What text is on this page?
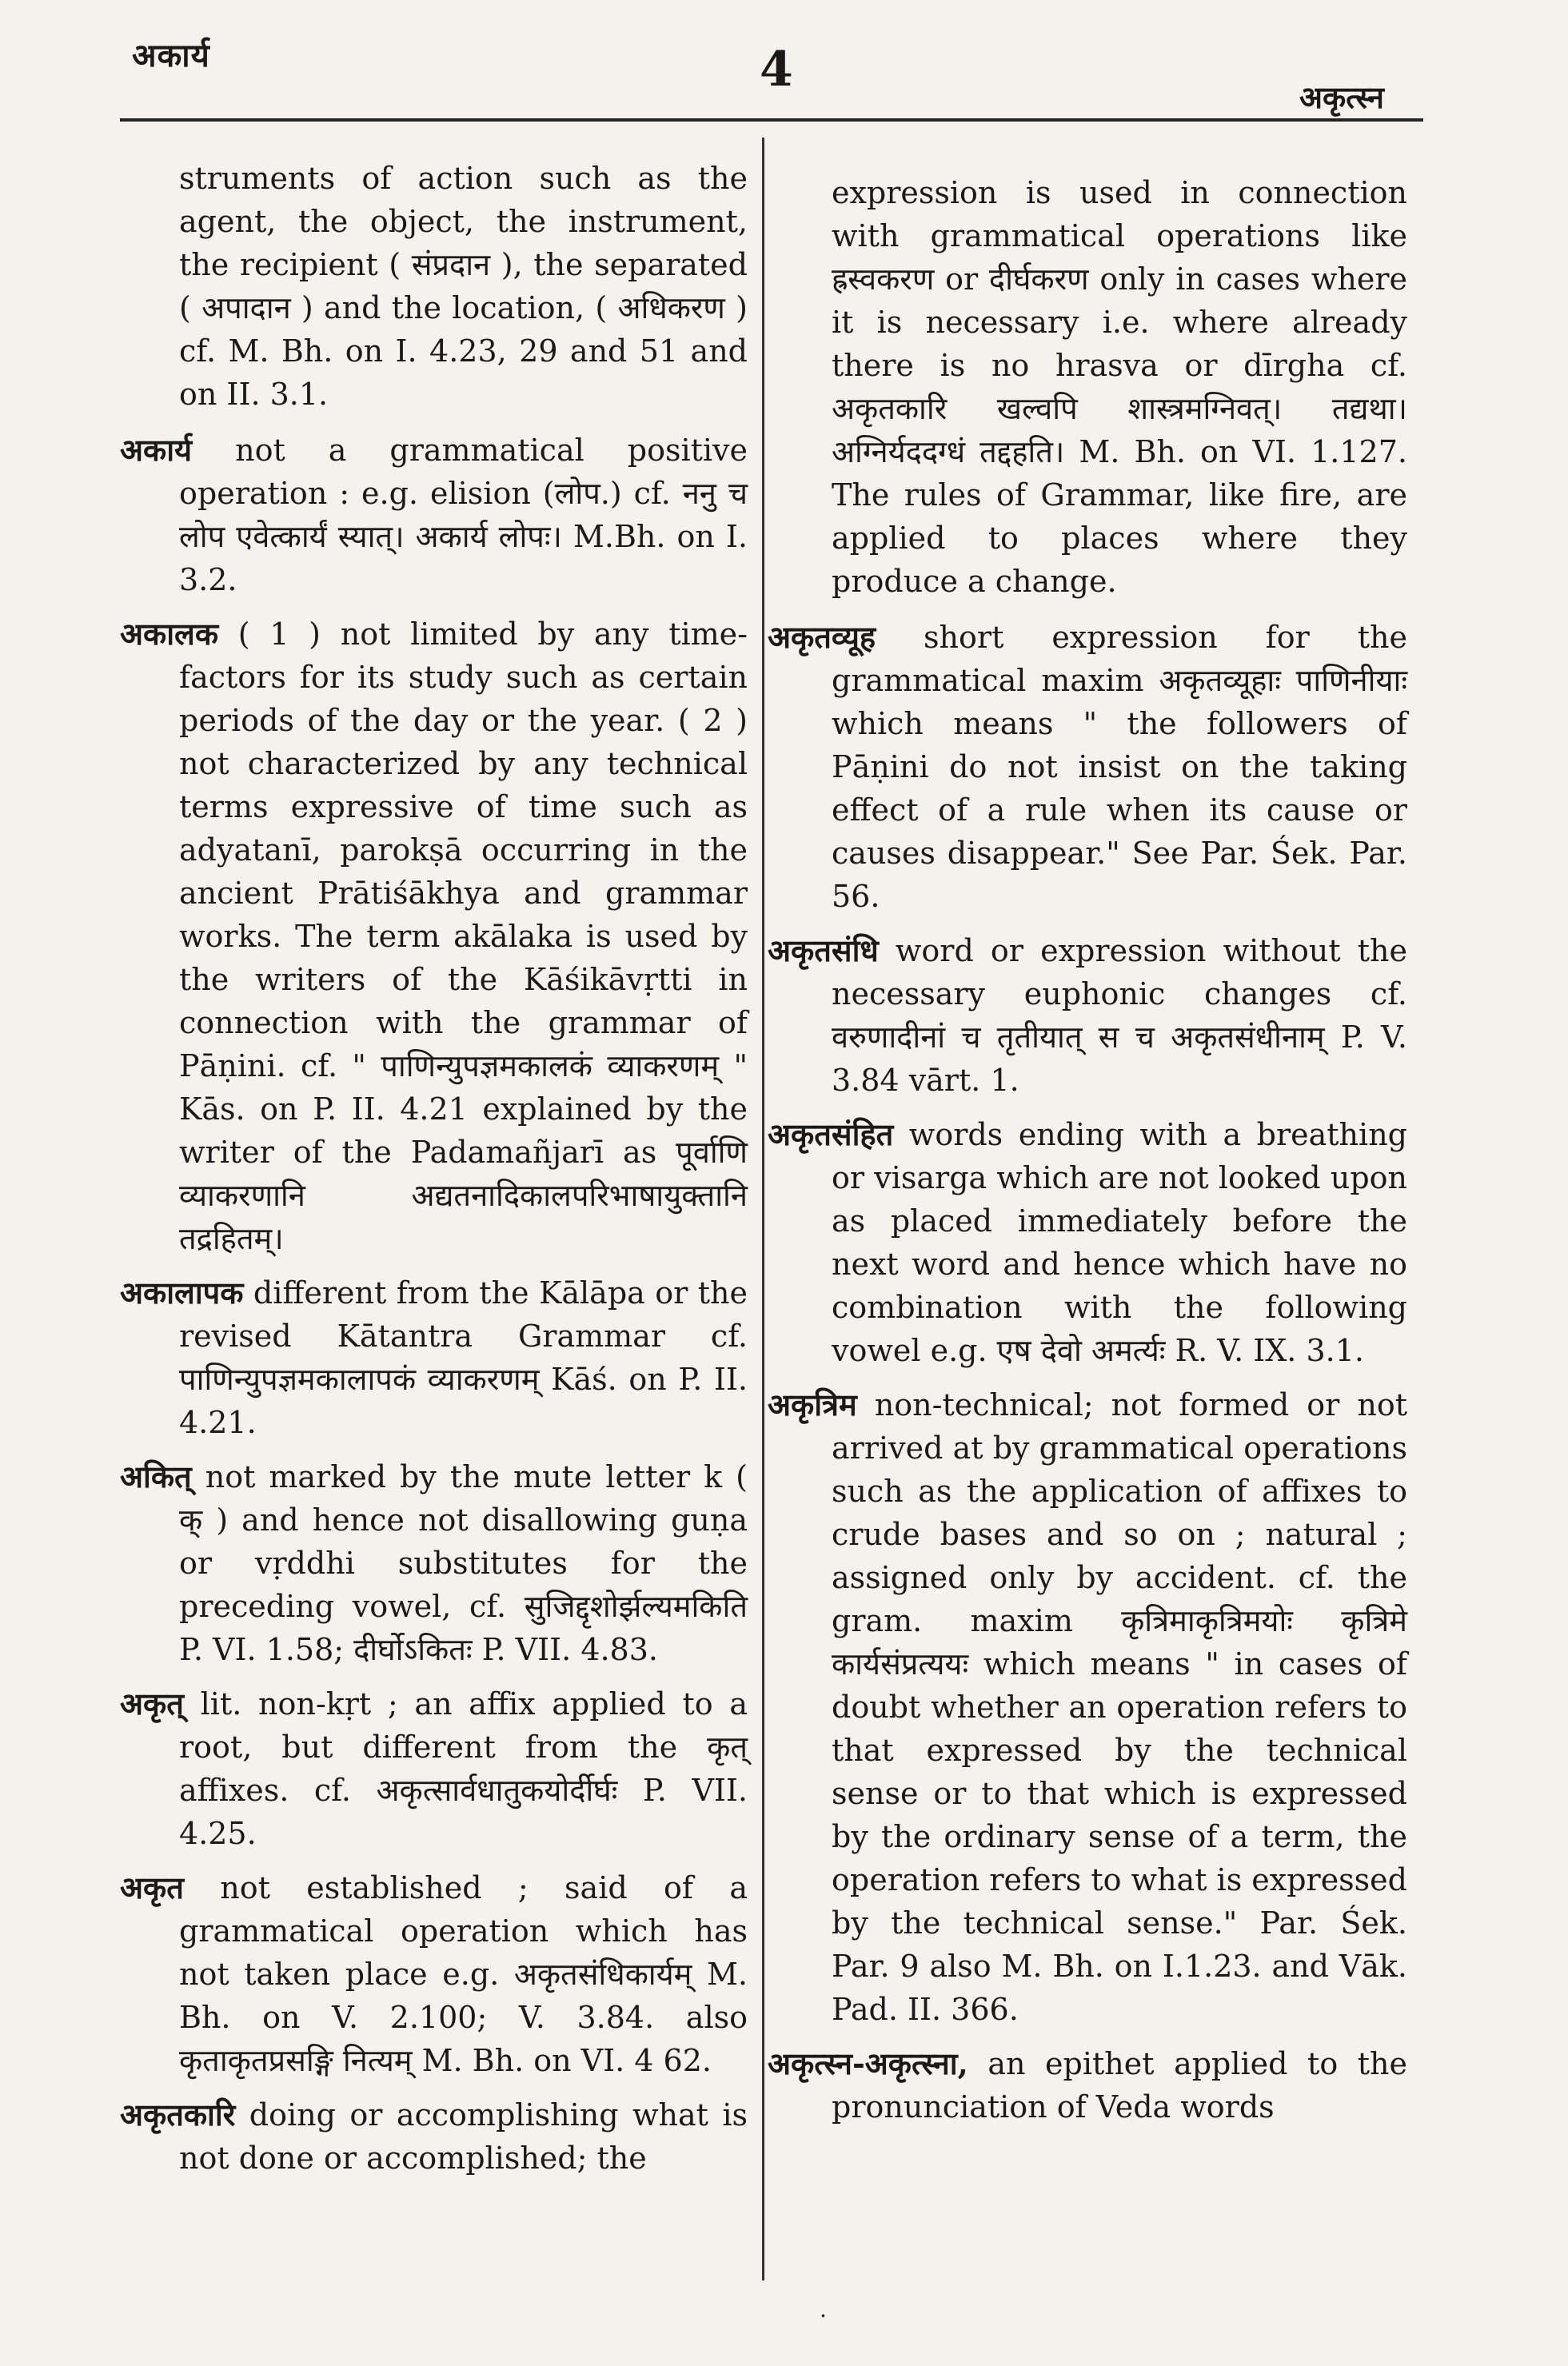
अकार्य	4	अकृत्स्न

struments of action such as the agent, the object, the instrument, the recipient ( संप्रदान ), the separated ( अपादान ) and the location, ( अधिकरण ) cf. M. Bh. on I. 4.23, 29 and 51 and on II. 3.1.

अकार्य not a grammatical positive operation : e.g. elision (लोप.) cf. ननु च लोप एवेत्कार्यं स्यात्। अकार्य लोपः। M.Bh. on I. 3.2.

अकालक ( 1 ) not limited by any time-factors for its study such as certain periods of the day or the year. ( 2 ) not characterized by any technical terms expressive of time such as adyatanī, parokṣā occurring in the ancient Prātiśākhya and grammar works. The term akālaka is used by the writers of the Kāśikāvṛtti in connection with the grammar of Pāṇini. cf. " पाणिन्युपज्ञमकालकं व्याकरणम् " Kās. on P. II. 4.21 explained by the writer of the Padamañjarī as पूर्वाणि व्याकरणानि अद्यतनादिकालपरिभाषायुक्तानि तद्रहितम्।

अकालापक different from the Kālāpa or the revised Kātantra Grammar cf. पाणिन्युपज्ञमकालापकं व्याकरणम् Kāś. on P. II. 4.21.

अकित् not marked by the mute letter k ( क् ) and hence not disallowing guṇa or vṛddhi substitutes for the preceding vowel, cf. सुजिद्दृशोर्झल्यमकिति P. VI. 1.58; दीर्घोऽकितः P. VII. 4.83.

अकृत् lit. non-kṛt ; an affix applied to a root, but different from the कृत् affixes. cf. अकृत्सार्वधातुकयोर्दीर्घः P. VII. 4.25.

अकृत not established ; said of a grammatical operation which has not taken place e.g. अकृतसंधिकार्यम् M. Bh. on V. 2.100; V. 3.84. also कृताकृतप्रसङ्गि नित्यम् M. Bh. on VI. 4 62.

अकृतकारि doing or accomplishing what is not done or accomplished; the

expression is used in connection with grammatical operations like ह्रस्वकरण or दीर्घकरण only in cases where it is necessary i.e. where already there is no hrasva or dīrgha cf. अकृतकारि खल्वपि शास्त्रमग्निवत्। तद्यथा। अग्निर्यददग्धं तद्दहति। M. Bh. on VI. 1.127. The rules of Grammar, like fire, are applied to places where they produce a change.

अकृतव्यूह short expression for the grammatical maxim अकृतव्यूहाः पाणिनीयाः which means " the followers of Pāṇini do not insist on the taking effect of a rule when its cause or causes disappear." See Par. Śek. Par. 56.

अकृतसंधि word or expression without the necessary euphonic changes cf. वरुणादीनां च तृतीयात् स च अकृतसंधीनाम् P. V. 3.84 vārt. 1.

अकृतसंहित words ending with a breathing or visarga which are not looked upon as placed immediately before the next word and hence which have no combination with the following vowel e.g. एष देवो अमर्त्यः R. V. IX. 3.1.

अकृत्रिम non-technical; not formed or not arrived at by grammatical operations such as the application of affixes to crude bases and so on ; natural ; assigned only by accident. cf. the gram. maxim कृत्रिमाकृत्रिमयोः कृत्रिमे कार्यसंप्रत्ययः which means " in cases of doubt whether an operation refers to that expressed by the technical sense or to that which is expressed by the ordinary sense of a term, the operation refers to what is expressed by the technical sense." Par. Śek. Par. 9 also M. Bh. on I.1.23. and Vāk. Pad. II. 366.

अकृत्स्न-अकृत्स्ना, an epithet applied to the pronunciation of Veda words

·
